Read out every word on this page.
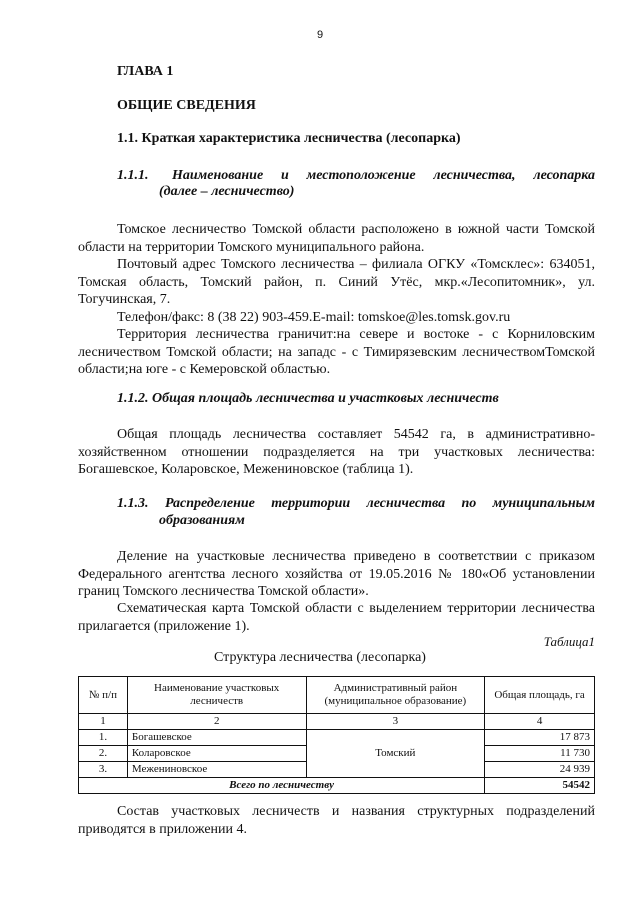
9
ГЛАВА 1
ОБЩИЕ СВЕДЕНИЯ
1.1. Краткая характеристика лесничества (лесопарка)
1.1.1. Наименование и местоположение лесничества, лесопарка
(далее – лесничество)
Томское лесничество Томской области расположено в южной части Томской области на территории Томского муниципального района.
Почтовый адрес Томского лесничества – филиала ОГКУ «Томсклес»: 634051, Томская область, Томский район, п. Синий Утёс, мкр.«Лесопитомник», ул. Тогучинская, 7.
Телефон/факс: 8 (38 22) 903-459.E-mail: tomskoe@les.tomsk.gov.ru
Территория лесничества граничит:на севере и востоке - с Корниловским лесничеством Томской области; на западс - с Тимирязевским лесничествомТомской области;на юге - с Кемеровской областью.
1.1.2. Общая площадь лесничества и участковых лесничеств
Общая площадь лесничества составляет 54542 га, в административно-хозяйственном отношении подразделяется на три участковых лесничества: Богашевское, Коларовское, Межениновское (таблица 1).
1.1.3. Распределение территории лесничества по муниципальным
образованиям
Деление на участковые лесничества приведено в соответствии с приказом Федерального агентства лесного хозяйства от 19.05.2016 № 180«Об установлении границ Томского лесничества Томской области».
Схематическая карта Томской области с выделением территории лесничества прилагается (приложение 1).
Таблица1
Структура лесничества (лесопарка)
№ п/п	Наименование участковых лесничеств	Административный район (муниципальное образование)	Общая площадь, га
1	2	3	4
1.	Богашевское	Томский	17 873
2.	Коларовское		11 730
3.	Межениновское		24 939
Всего по лесничеству			54542
Состав участковых лесничеств и названия структурных подразделений приводятся в приложении 4.
